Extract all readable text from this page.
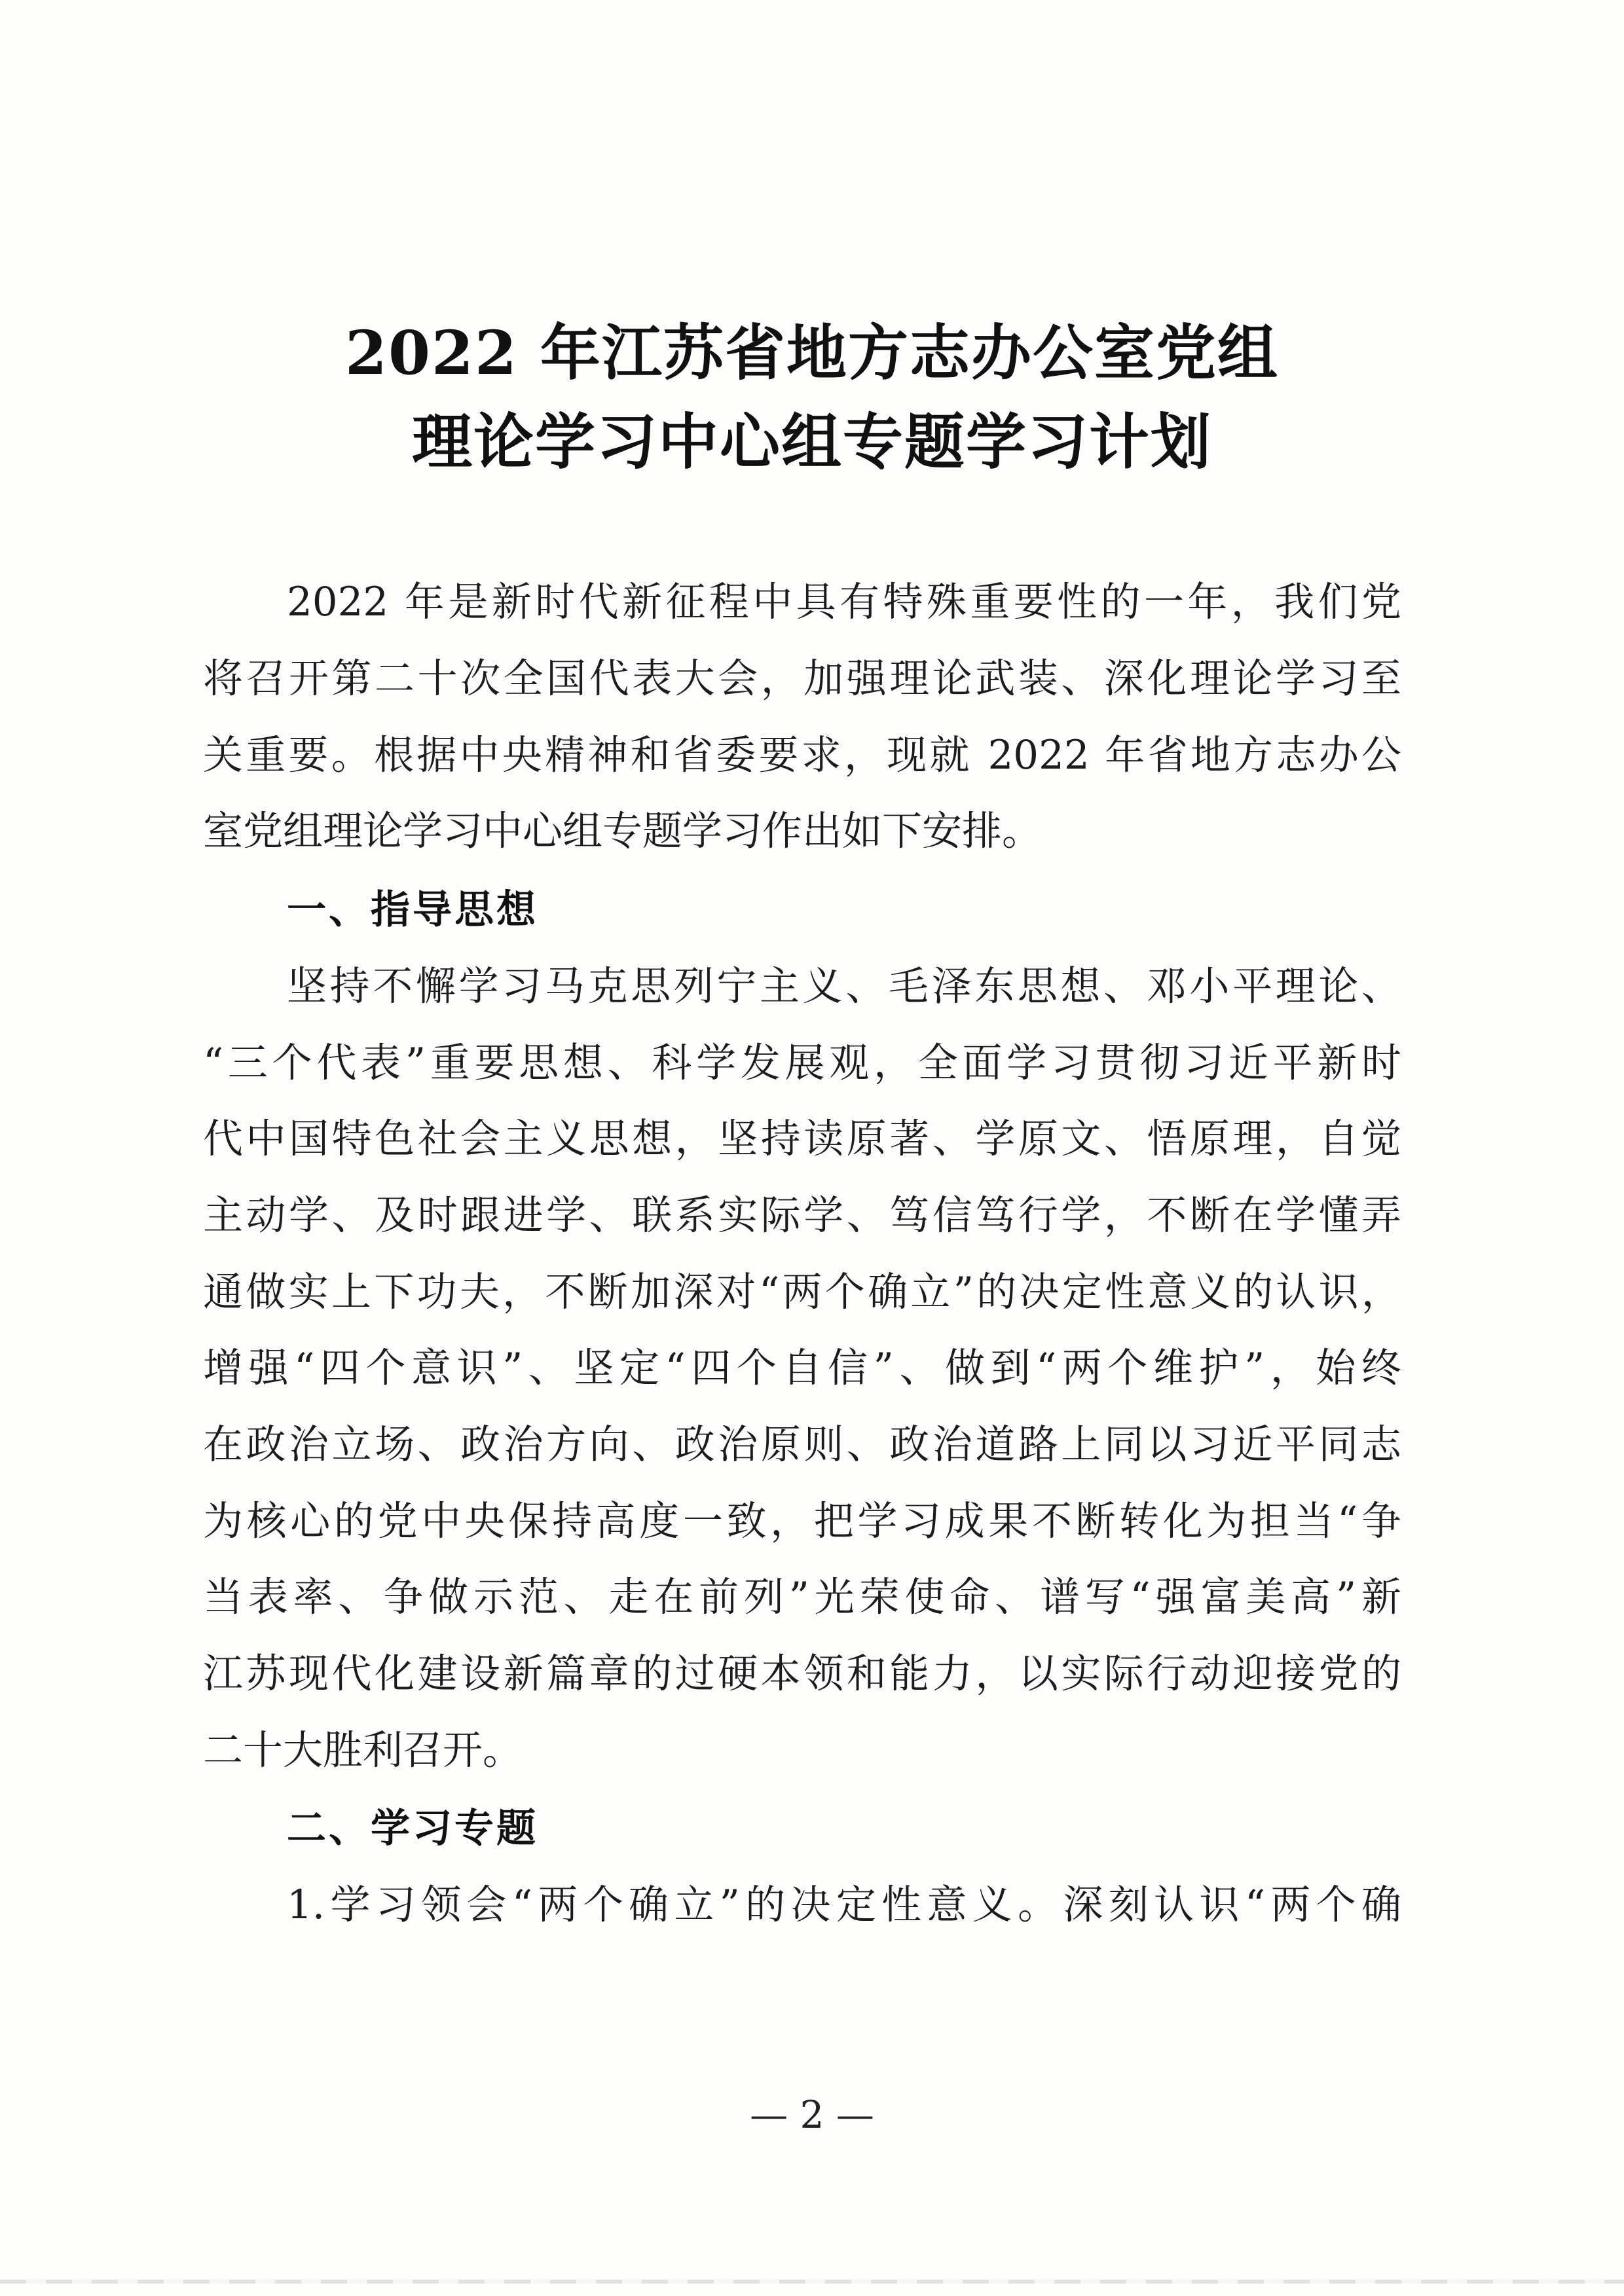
2022 年江苏省地方志办公室党组
理论学习中心组专题学习计划
2022 年是新时代新征程中具有特殊重要性的一年，我们党
将召开第二十次全国代表大会，加强理论武装、深化理论学习至
关重要。根据中央精神和省委要求，现就 2022 年省地方志办公
室党组理论学习中心组专题学习作出如下安排。
一、指导思想
坚持不懈学习马克思列宁主义、毛泽东思想、邓小平理论、
“三个代表”重要思想、科学发展观，全面学习贯彻习近平新时
代中国特色社会主义思想，坚持读原著、学原文、悟原理，自觉
主动学、及时跟进学、联系实际学、笃信笃行学，不断在学懂弄
通做实上下功夫，不断加深对“两个确立”的决定性意义的认识，
增强“四个意识”、坚定“四个自信”、做到“两个维护”，始终
在政治立场、政治方向、政治原则、政治道路上同以习近平同志
为核心的党中央保持高度一致，把学习成果不断转化为担当“争
当表率、争做示范、走在前列”光荣使命、谱写“强富美高”新
江苏现代化建设新篇章的过硬本领和能力，以实际行动迎接党的
二十大胜利召开。
二、学习专题
1.学习领会“两个确立”的决定性意义。深刻认识“两个确
— 2 —
